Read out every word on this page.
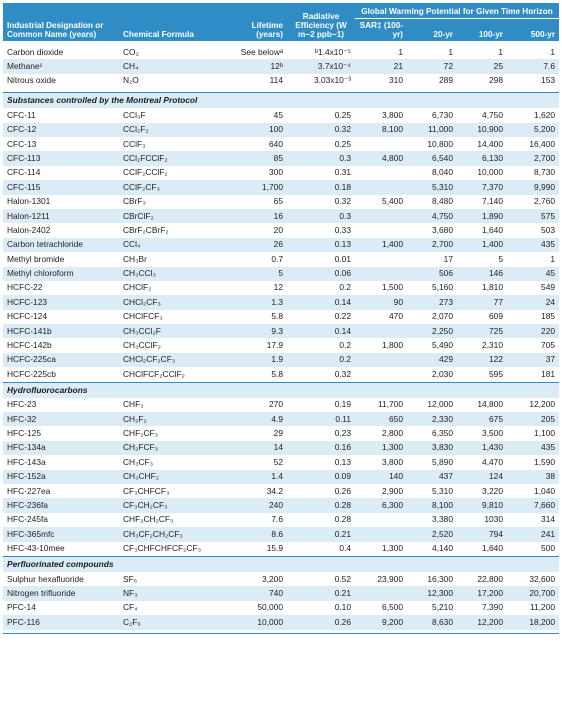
Industrial Designation or Common Name (years)	Chemical Formula	Lifetime (years)	Radiative Efficiency (W m−2 ppb−1)	Global Warming Potential for Given Time Horizon			
				SAR‡ (100-yr)	20-yr	100-yr	500-yr

Carbon dioxide	CO₂	See belowᵃ	ᵇ1.4x10⁻⁵	1	1	1	1
Methaneᶜ	CH₄	12ᵇ	3.7x10⁻⁴	21	72	25	7.6
Nitrous oxide	N₂O	114	3.03x10⁻³	310	289	298	153

Substances controlled by the Montreal Protocol							
CFC-11	CCl₃F	45	0.25	3,800	6,730	4,750	1,620
CFC-12	CCl₂F₂	100	0.32	8,100	11,000	10,900	5,200
CFC-13	CClF₃	640	0.25		10,800	14,400	16,400
CFC-113	CCl₂FCClF₂	85	0.3	4,800	6,540	6,130	2,700
CFC-114	CClF₂CClF₂	300	0.31		8,040	10,000	8,730
CFC-115	CClF₂CF₃	1,700	0.18		5,310	7,370	9,990
Halon-1301	CBrF₃	65	0.32	5,400	8,480	7,140	2,760
Halon-1211	CBrClF₂	16	0.3		4,750	1,890	575
Halon-2402	CBrF₂CBrF₂	20	0.33		3,680	1,640	503
Carbon tetrachloride	CCl₄	26	0.13	1,400	2,700	1,400	435
Methyl bromide	CH₃Br	0.7	0.01		17	5	1
Methyl chloroform	CH₃CCl₃	5	0.06		506	146	45
HCFC-22	CHClF₂	12	0.2	1,500	5,160	1,810	549
HCFC-123	CHCl₂CF₃	1.3	0.14	90	273	77	24
HCFC-124	CHClFCF₃	5.8	0.22	470	2,070	609	185
HCFC-141b	CH₃CCl₂F	9.3	0.14		2,250	725	220
HCFC-142b	CH₃CClF₂	17.9	0.2	1,800	5,490	2,310	705
HCFC-225ca	CHCl₂CF₂CF₃	1.9	0.2		429	122	37
HCFC-225cb	CHClFCF₂CClF₂	5.8	0.32		2,030	595	181
Hydrofluorocarbons							
HFC-23	CHF₃	270	0.19	11,700	12,000	14,800	12,200
HFC-32	CH₂F₂	4.9	0.11	650	2,330	675	205
HFC-125	CHF₂CF₃	29	0.23	2,800	6,350	3,500	1,100
HFC-134a	CH₂FCF₃	14	0.16	1,300	3,830	1,430	435
HFC-143a	CH₃CF₃	52	0.13	3,800	5,890	4,470	1,590
HFC-152a	CH₃CHF₂	1.4	0.09	140	437	124	38
HFC-227ea	CF₃CHFCF₃	34.2	0.26	2,900	5,310	3,220	1,040
HFC-236fa	CF₃CH₂CF₃	240	0.28	6,300	8,100	9,810	7,660
HFC-245fa	CHF₂CH₂CF₃	7.6	0.28		3,380	1030	314
HFC-365mfc	CH₃CF₂CH₂CF₃	8.6	0.21		2,520	794	241
HFC-43-10mee	CF₃CHFCHFCF₂CF₃	15.9	0.4	1,300	4,140	1,640	500
Perfluorinated compounds							
Sulphur hexafluoride	SF₆	3,200	0.52	23,900	16,300	22,800	32,600
Nitrogen trifluoride	NF₃	740	0.21		12,300	17,200	20,700
PFC-14	CF₄	50,000	0.10	6,500	5,210	7,390	11,200
PFC-116	C₂F₆	10,000	0.26	9,200	8,630	12,200	18,200
